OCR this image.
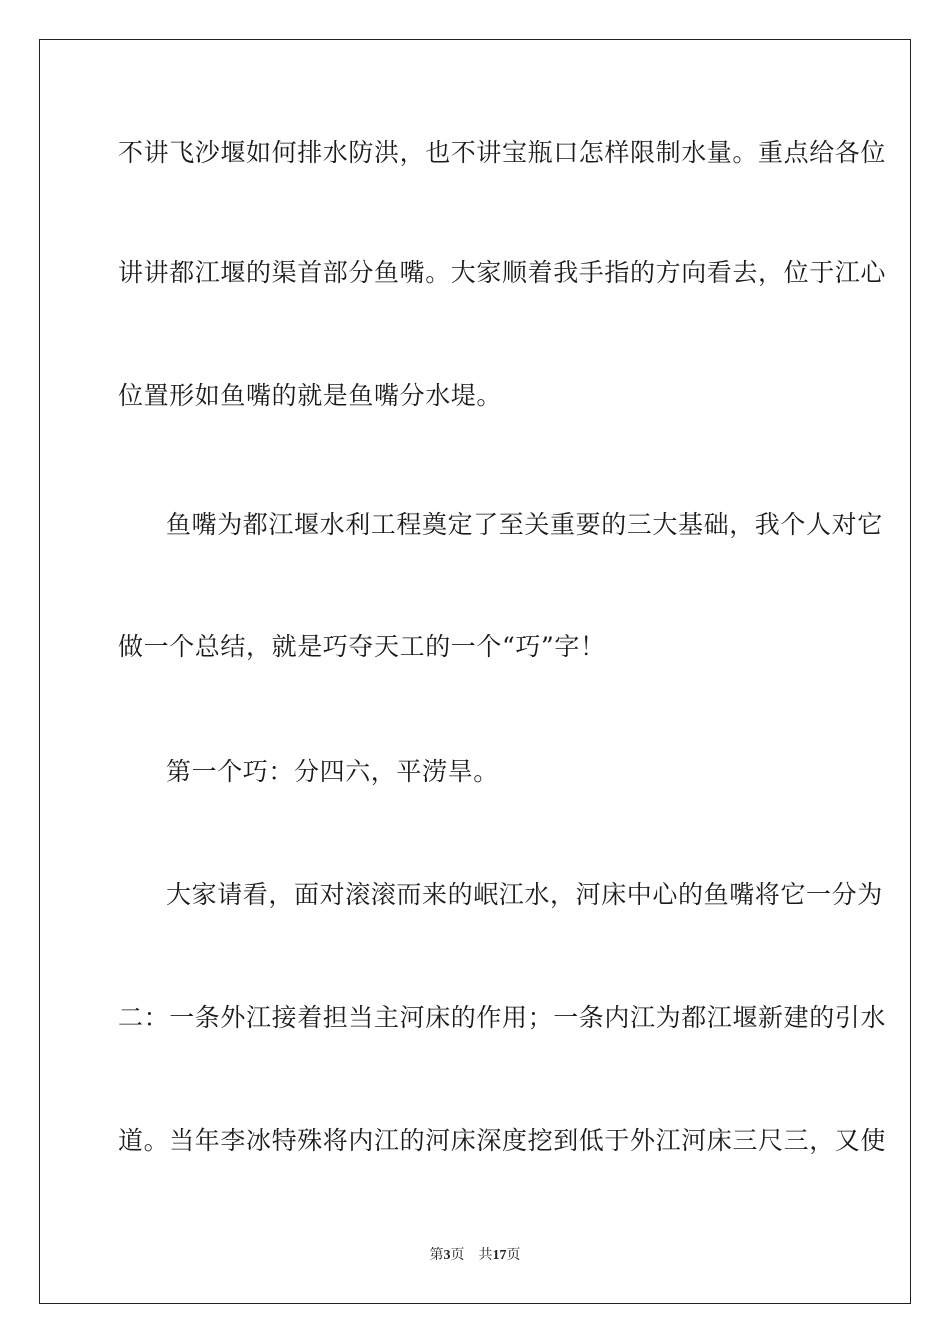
不讲飞沙堰如何排水防洪，也不讲宝瓶口怎样限制水量。重点给各位
讲讲都江堰的渠首部分鱼嘴。大家顺着我手指的方向看去，位于江心
位置形如鱼嘴的就是鱼嘴分水堤。
鱼嘴为都江堰水利工程奠定了至关重要的三大基础，我个人对它
做一个总结，就是巧夺天工的一个“巧”字！
第一个巧：分四六，平涝旱。
大家请看，面对滚滚而来的岷江水，河床中心的鱼嘴将它一分为
二：一条外江接着担当主河床的作用；一条内江为都江堰新建的引水
道。当年李冰特殊将内江的河床深度挖到低于外江河床三尺三，又使
第3页 共17页
